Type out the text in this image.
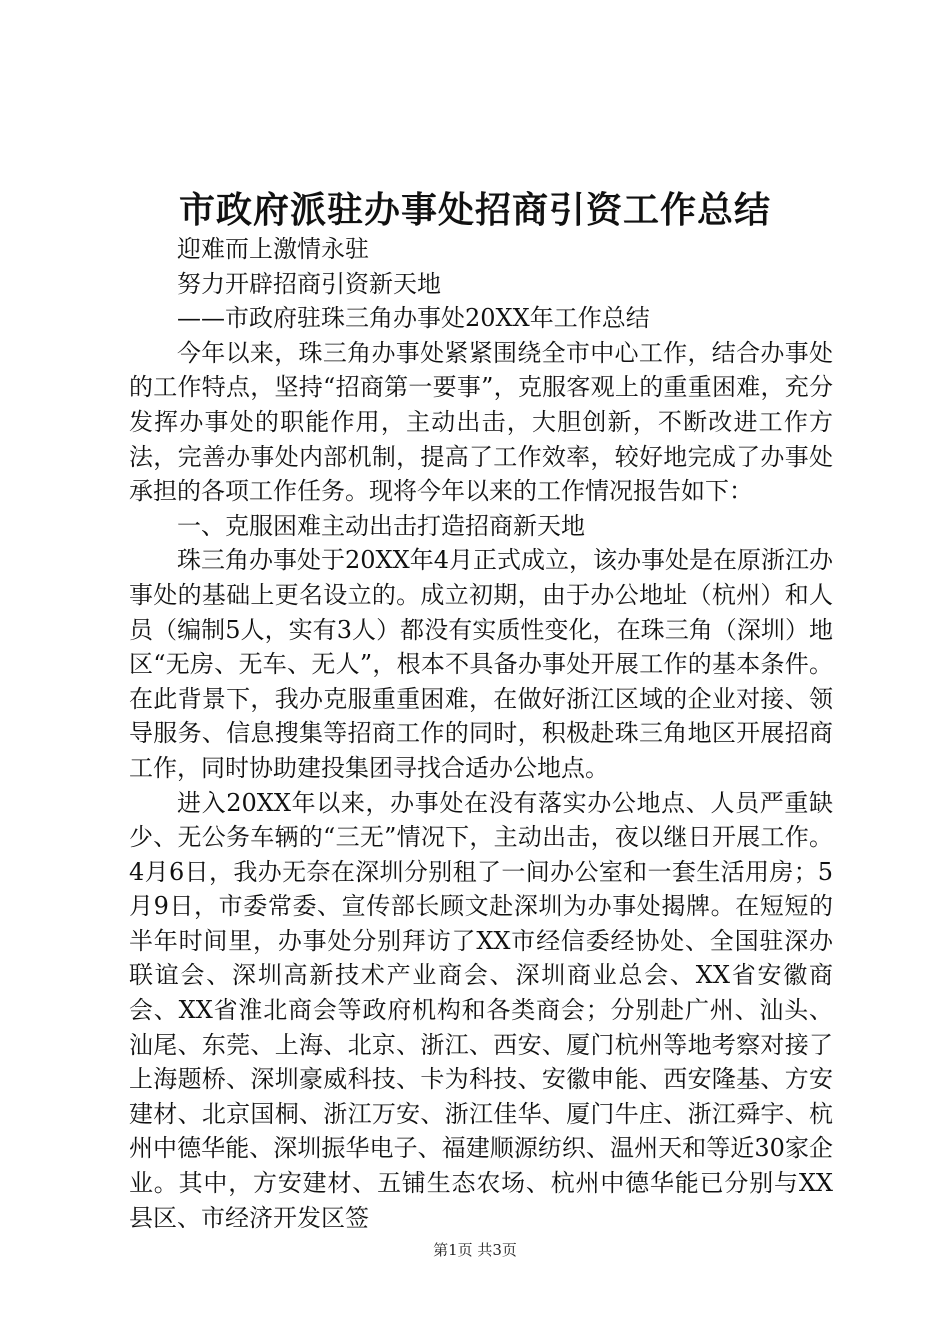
市政府派驻办事处招商引资工作总结

迎难而上激情永驻

努力开辟招商引资新天地

——市政府驻珠三角办事处20XX年工作总结

今年以来，珠三角办事处紧紧围绕全市中心工作，结合办事处的工作特点，坚持“招商第一要事”，克服客观上的重重困难，充分发挥办事处的职能作用，主动出击，大胆创新，不断改进工作方法，完善办事处内部机制，提高了工作效率，较好地完成了办事处承担的各项工作任务。现将今年以来的工作情况报告如下：

一、克服困难主动出击打造招商新天地

珠三角办事处于20XX年4月正式成立，该办事处是在原浙江办事处的基础上更名设立的。成立初期，由于办公地址（杭州）和人员（编制5人，实有3人）都没有实质性变化，在珠三角（深圳）地区“无房、无车、无人”，根本不具备办事处开展工作的基本条件。在此背景下，我办克服重重困难，在做好浙江区域的企业对接、领导服务、信息搜集等招商工作的同时，积极赴珠三角地区开展招商工作，同时协助建投集团寻找合适办公地点。

进入20XX年以来，办事处在没有落实办公地点、人员严重缺少、无公务车辆的“三无”情况下，主动出击，夜以继日开展工作。4月6日，我办无奈在深圳分别租了一间办公室和一套生活用房；5月9日，市委常委、宣传部长顾文赴深圳为办事处揭牌。在短短的半年时间里，办事处分别拜访了XX市经信委经协处、全国驻深办联谊会、深圳高新技术产业商会、深圳商业总会、XX省安徽商会、XX省淮北商会等政府机构和各类商会；分别赴广州、汕头、汕尾、东莞、上海、北京、浙江、西安、厦门杭州等地考察对接了上海题桥、深圳豪威科技、卡为科技、安徽申能、西安隆基、方安建材、北京国桐、浙江万安、浙江佳华、厦门牛庄、浙江舜宇、杭州中德华能、深圳振华电子、福建顺源纺织、温州天和等近30家企业。其中，方安建材、五铺生态农场、杭州中德华能已分别与XX县区、市经济开发区签

第1页 共3页
